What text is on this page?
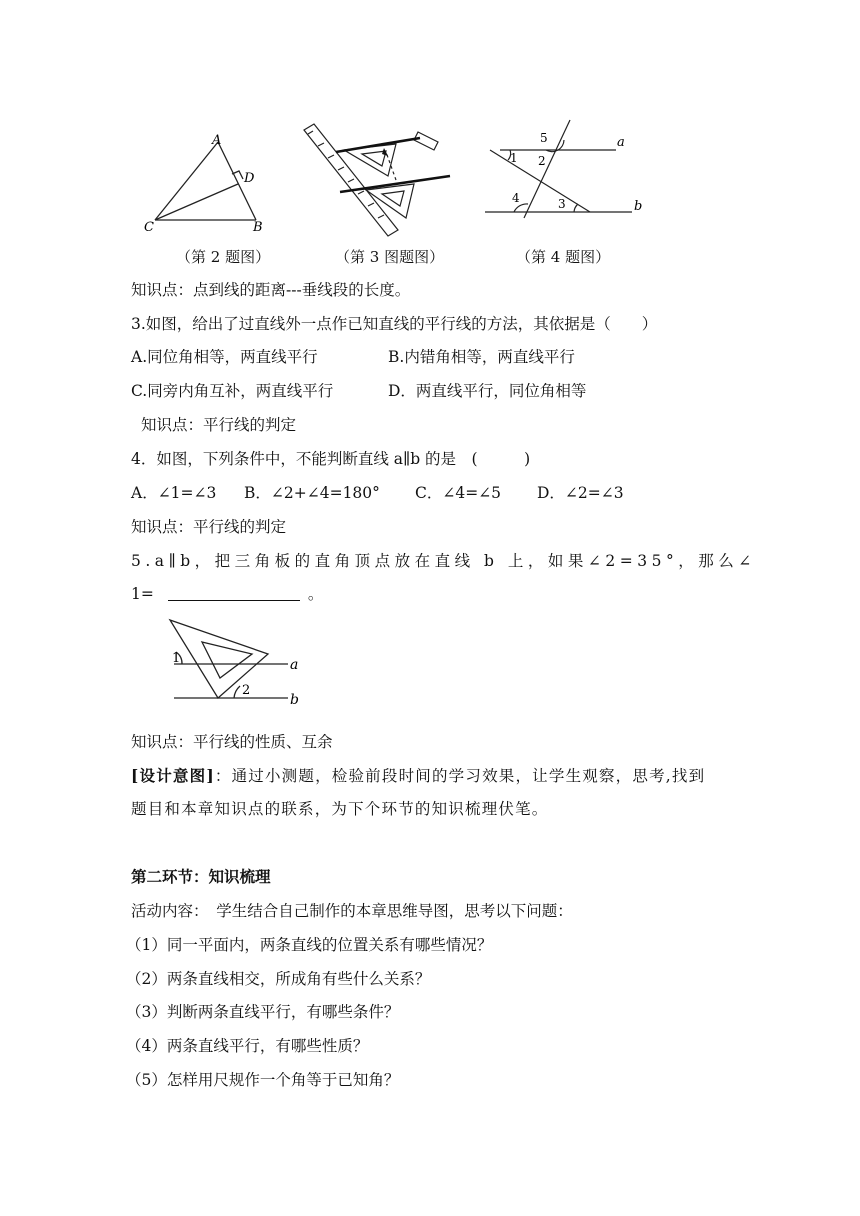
A
C	B
D
a
b
1 2
3
4
5
（第 2 题图）	（第 3 图题图）	（第 4 题图）
知识点：点到线的距离---垂线段的长度。
3.如图，给出了过直线外一点作已知直线的平行线的方法，其依据是（　　）
A.同位角相等，两直线平行	B.内错角相等，两直线平行
C.同旁内角互补，两直线平行	D．两直线平行，同位角相等
知识点：平行线的判定
4．如图，下列条件中，不能判断直线 a∥b 的是　(　　　)
A．∠1=∠3 B．∠2+∠4=180° C．∠4=∠5 D．∠2=∠3
知识点：平行线的判定
5.a∥b，把三角板的直角顶点放在直线 b 上，如果∠2=35°，那么∠
1=	。
a
b
1
2
知识点：平行线的性质、互余
[设计意图]：通过小测题，检验前段时间的学习效果，让学生观察，思考,找到
题目和本章知识点的联系，为下个环节的知识梳理伏笔。
第二环节：知识梳理
活动内容：　学生结合自己制作的本章思维导图，思考以下问题：
（1）同一平面内，两条直线的位置关系有哪些情况？
（2）两条直线相交，所成角有些什么关系？
（3）判断两条直线平行，有哪些条件？
（4）两条直线平行，有哪些性质？
（5）怎样用尺规作一个角等于已知角？
